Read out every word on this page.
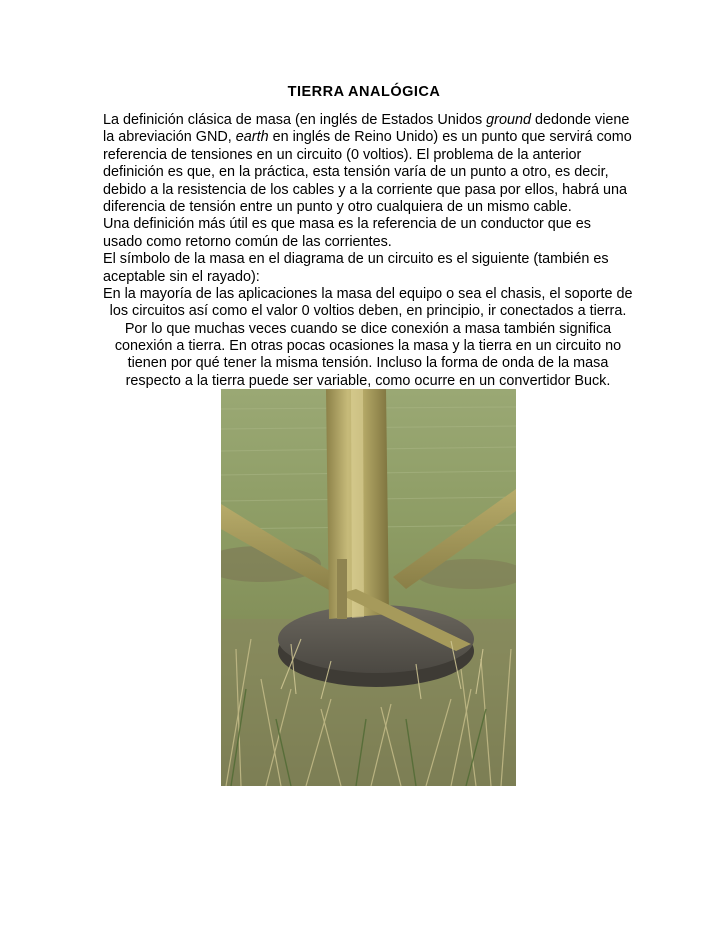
TIERRA ANALÓGICA
La definición clásica de masa (en inglés de Estados Unidos ground dedonde viene
la abreviación GND, earth en inglés de Reino Unido) es un punto que servirá como
referencia de tensiones en un circuito (0 voltios). El problema de la anterior
definición es que, en la práctica, esta tensión varía de un punto a otro, es decir,
debido a la resistencia de los cables y a la corriente que pasa por ellos, habrá una
diferencia de tensión entre un punto y otro cualquiera de un mismo cable.
Una definición más útil es que masa es la referencia de un conductor que es
usado como retorno común de las corrientes.
El símbolo de la masa en el diagrama de un circuito es el siguiente (también es
aceptable sin el rayado):
En la mayoría de las aplicaciones la masa del equipo o sea el chasis, el soporte de
los circuitos así como el valor 0 voltios deben, en principio, ir conectados a tierra.
Por lo que muchas veces cuando se dice conexión a masa también significa
conexión a tierra. En otras pocas ocasiones la masa y la tierra en un circuito no
tienen por qué tener la misma tensión. Incluso la forma de onda de la masa
respecto a la tierra puede ser variable, como ocurre en un convertidor Buck.
